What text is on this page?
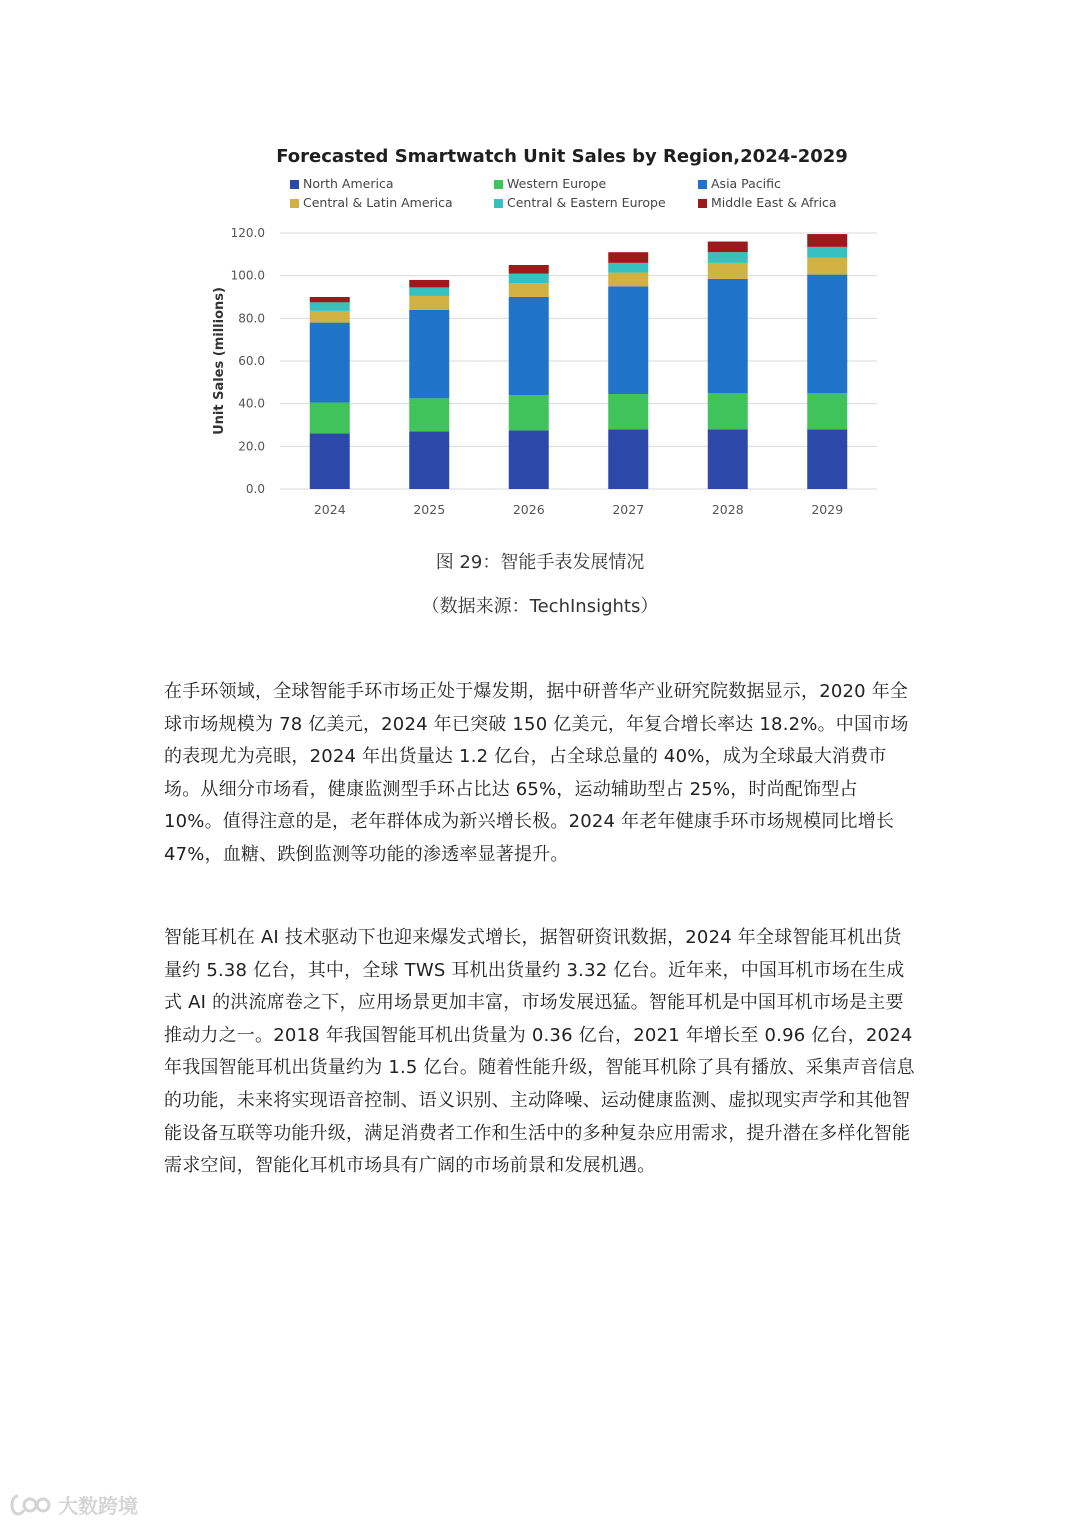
Forecasted Smartwatch Unit Sales by Region,2024-2029
North America	Western Europe	Asia Pacific
Central & Latin America	Central & Eastern Europe	Middle East & Africa
0.0
20.0
40.0
60.0
80.0
100.0
120.0
Unit Sales (millions)
2024	2025	2026	2027	2028	2029
图 29：智能手表发展情况
（数据来源：TechInsights）
在手环领域，全球智能手环市场正处于爆发期，据中研普华产业研究院数据显示，2020 年全球市场规模为 78 亿美元，2024 年已突破 150 亿美元，年复合增长率达 18.2%。中国市场的表现尤为亮眼，2024 年出货量达 1.2 亿台，占全球总量的 40%，成为全球最大消费市场。从细分市场看，健康监测型手环占比达 65%，运动辅助型占 25%，时尚配饰型占 10%。值得注意的是，老年群体成为新兴增长极。2024 年老年健康手环市场规模同比增长 47%，血糖、跌倒监测等功能的渗透率显著提升。
智能耳机在 AI 技术驱动下也迎来爆发式增长，据智研资讯数据，2024 年全球智能耳机出货量约 5.38 亿台，其中，全球 TWS 耳机出货量约 3.32 亿台。近年来，中国耳机市场在生成式 AI 的洪流席卷之下，应用场景更加丰富，市场发展迅猛。智能耳机是中国耳机市场是主要推动力之一。2018 年我国智能耳机出货量为 0.36 亿台，2021 年增长至 0.96 亿台，2024 年我国智能耳机出货量约为 1.5 亿台。随着性能升级，智能耳机除了具有播放、采集声音信息的功能，未来将实现语音控制、语义识别、主动降噪、运动健康监测、虚拟现实声学和其他智能设备互联等功能升级，满足消费者工作和生活中的多种复杂应用需求，提升潜在多样化智能需求空间，智能化耳机市场具有广阔的市场前景和发展机遇。
大数跨境
